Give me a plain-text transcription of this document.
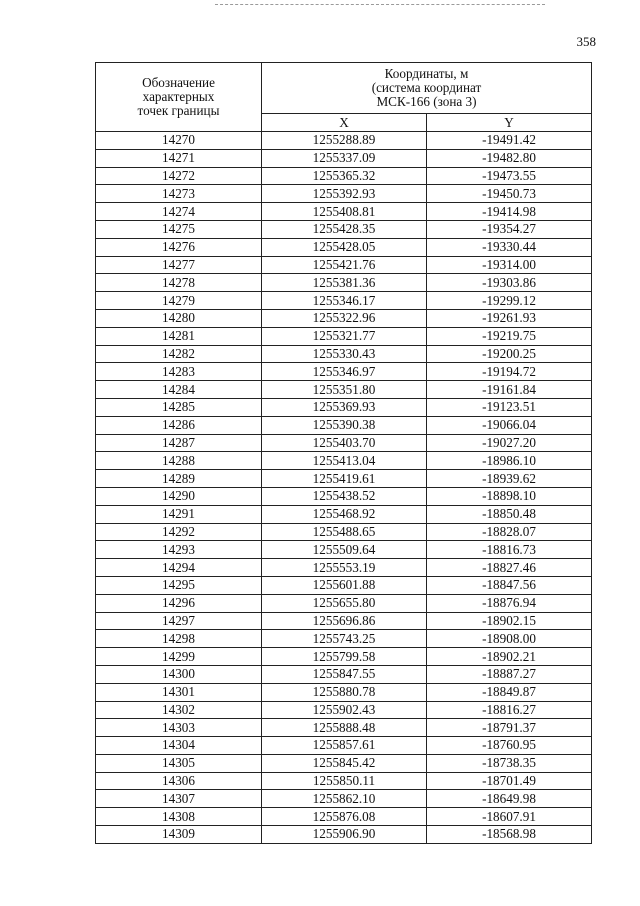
358
Обозначение
характерных
точек границы	Координаты, м
(система координат
МСК-166 (зона 3)	

	X	Y
14270	1255288.89	-19491.42
14271	1255337.09	-19482.80
14272	1255365.32	-19473.55
14273	1255392.93	-19450.73
14274	1255408.81	-19414.98
14275	1255428.35	-19354.27
14276	1255428.05	-19330.44
14277	1255421.76	-19314.00
14278	1255381.36	-19303.86
14279	1255346.17	-19299.12
14280	1255322.96	-19261.93
14281	1255321.77	-19219.75
14282	1255330.43	-19200.25
14283	1255346.97	-19194.72
14284	1255351.80	-19161.84
14285	1255369.93	-19123.51
14286	1255390.38	-19066.04
14287	1255403.70	-19027.20
14288	1255413.04	-18986.10
14289	1255419.61	-18939.62
14290	1255438.52	-18898.10
14291	1255468.92	-18850.48
14292	1255488.65	-18828.07
14293	1255509.64	-18816.73
14294	1255553.19	-18827.46
14295	1255601.88	-18847.56
14296	1255655.80	-18876.94
14297	1255696.86	-18902.15
14298	1255743.25	-18908.00
14299	1255799.58	-18902.21
14300	1255847.55	-18887.27
14301	1255880.78	-18849.87
14302	1255902.43	-18816.27
14303	1255888.48	-18791.37
14304	1255857.61	-18760.95
14305	1255845.42	-18738.35
14306	1255850.11	-18701.49
14307	1255862.10	-18649.98
14308	1255876.08	-18607.91
14309	1255906.90	-18568.98
